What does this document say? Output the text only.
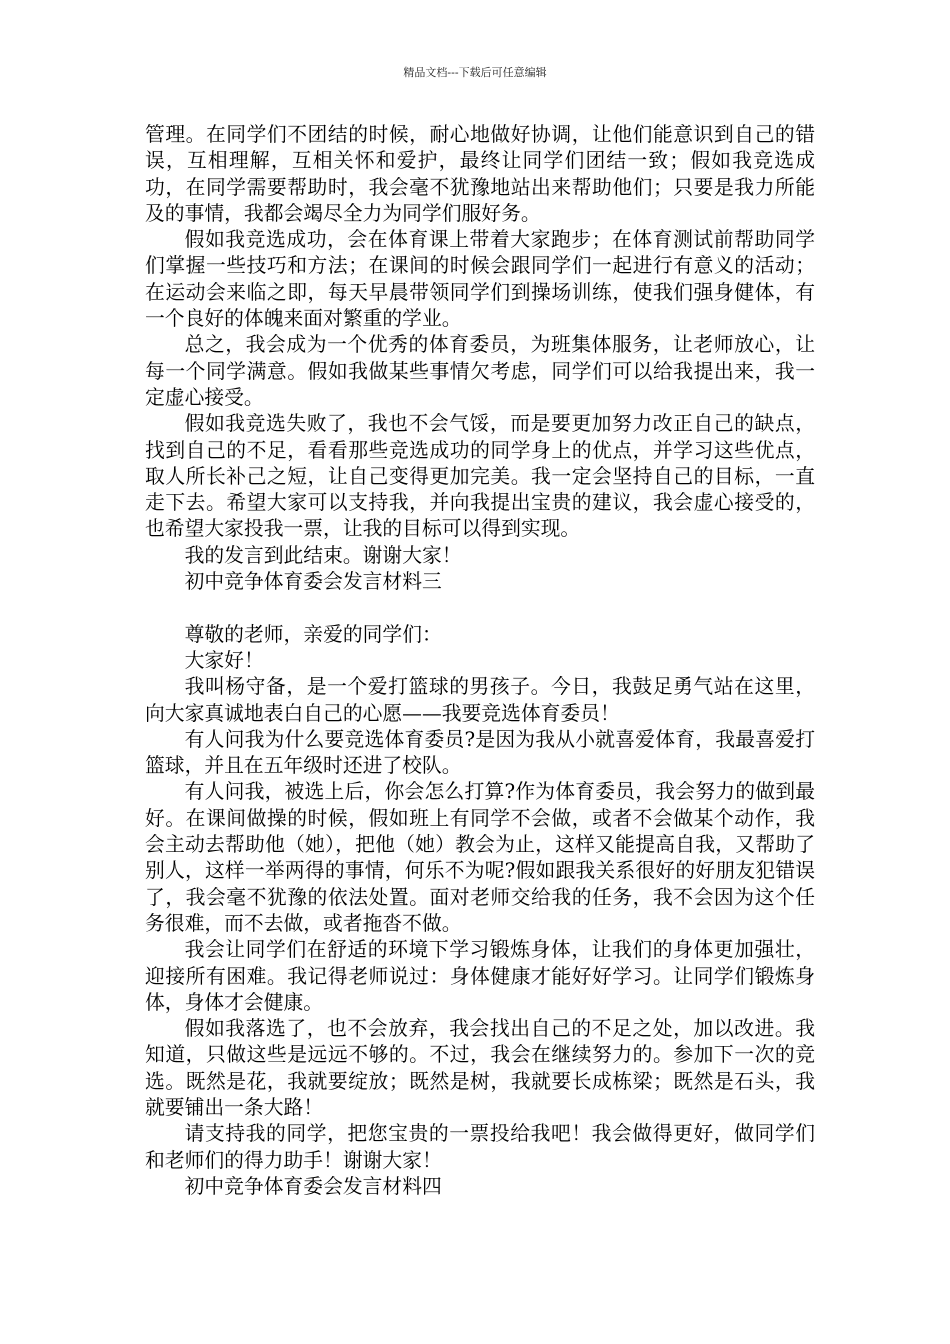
精品文档---下载后可任意编辑

管理。在同学们不团结的时候，耐心地做好协调，让他们能意识到自己的错误，互相理解，互相关怀和爱护，最终让同学们团结一致；假如我竞选成功，在同学需要帮助时，我会毫不犹豫地站出来帮助他们；只要是我力所能及的事情，我都会竭尽全力为同学们服好务。

假如我竞选成功，会在体育课上带着大家跑步；在体育测试前帮助同学们掌握一些技巧和方法；在课间的时候会跟同学们一起进行有意义的活动；在运动会来临之即，每天早晨带领同学们到操场训练，使我们强身健体，有一个良好的体魄来面对繁重的学业。

总之，我会成为一个优秀的体育委员，为班集体服务，让老师放心，让每一个同学满意。假如我做某些事情欠考虑，同学们可以给我提出来，我一定虚心接受。

假如我竞选失败了，我也不会气馁，而是要更加努力改正自己的缺点，找到自己的不足，看看那些竞选成功的同学身上的优点，并学习这些优点，取人所长补己之短，让自己变得更加完美。我一定会坚持自己的目标，一直走下去。希望大家可以支持我，并向我提出宝贵的建议，我会虚心接受的，也希望大家投我一票，让我的目标可以得到实现。

我的发言到此结束。谢谢大家！

初中竞争体育委会发言材料三

尊敬的老师，亲爱的同学们：

大家好！

我叫杨守备，是一个爱打篮球的男孩子。今日，我鼓足勇气站在这里，向大家真诚地表白自己的心愿——我要竞选体育委员！

有人问我为什么要竞选体育委员?是因为我从小就喜爱体育，我最喜爱打篮球，并且在五年级时还进了校队。

有人问我，被选上后，你会怎么打算?作为体育委员，我会努力的做到最好。在课间做操的时候，假如班上有同学不会做，或者不会做某个动作，我会主动去帮助他（她），把他（她）教会为止，这样又能提高自我，又帮助了别人，这样一举两得的事情，何乐不为呢?假如跟我关系很好的好朋友犯错误了，我会毫不犹豫的依法处置。面对老师交给我的任务，我不会因为这个任务很难，而不去做，或者拖沓不做。

我会让同学们在舒适的环境下学习锻炼身体，让我们的身体更加强壮，迎接所有困难。我记得老师说过：身体健康才能好好学习。让同学们锻炼身体，身体才会健康。

假如我落选了，也不会放弃，我会找出自己的不足之处，加以改进。我知道，只做这些是远远不够的。不过，我会在继续努力的。参加下一次的竞选。既然是花，我就要绽放；既然是树，我就要长成栋梁；既然是石头，我就要铺出一条大路！

请支持我的同学，把您宝贵的一票投给我吧！我会做得更好，做同学们和老师们的得力助手！谢谢大家！

初中竞争体育委会发言材料四
